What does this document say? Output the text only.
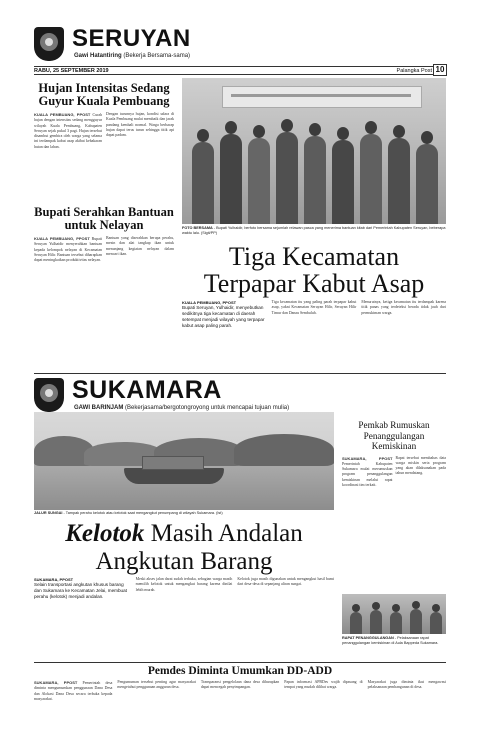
SERUYAN
Gawi Hatantiring (Bekerja Bersama-sama)
RABU, 25 SEPTEMBER 2019	Palangka Post 10
Hujan Intensitas Sedang Guyur Kuala Pembuang

KUALA PEMBUANG, PPOST Curah hujan dengan intensitas sedang mengguyur wilayah Kuala Pembuang, Kabupaten Seruyan sejak pukul 3 pagi. Hujan tersebut disambut gembira oleh warga yang selama ini terdampak kabut asap akibat kebakaran hutan dan lahan.

Dengan turunnya hujan, kondisi udara di Kuala Pembuang mulai membaik dan jarak pandang kembali normal. Warga berharap hujan dapat terus turun sehingga titik api dapat padam.
Bupati Serahkan Bantuan untuk Nelayan

KUALA PEMBUANG, PPOST Bupati Seruyan Yulhaidir menyerahkan bantuan kepada kelompok nelayan di Kecamatan Seruyan Hilir. Bantuan tersebut diharapkan dapat meningkatkan produktivitas nelayan.

Bantuan yang diserahkan berupa perahu, mesin dan alat tangkap ikan untuk menunjang kegiatan nelayan dalam mencari ikan.
FOTO BERSAMA - Bupati Yulhaidir, berfoto bersama sejumlah relawan pasca yang menerima bantuan kitab dari Pemerintah Kabupaten Seruyan, beberapa waktu lalu. (Sigit/PP)
Tiga Kecamatan Terpapar Kabut Asap
KUALA PEMBUANG, PPOST
Bupati Seruyan, Yulhaidir, menyebutkan sedikitnya tiga kecamatan di daerah setempat menjadi wilayah yang terpapar kabut asap paling parah.
Tiga kecamatan itu yang paling parah terpapar kabut asap, yakni Kecamatan Seruyan Hilir, Seruyan Hilir Timur dan Danau Sembuluh.
Menurutnya, ketiga kecamatan itu terdampak karena titik panas yang terdeteksi berada tidak jauh dari permukiman warga.
SUKAMARA
GAWI BARINJAM (Bekerjasama/bergotongroyong untuk mencapai tujuan mulia)
JALUR SUNGAI - Tampak perahu kelotok atau kelotok saat mengangkut penumpang di wilayah Sukamara. (Ist)
Pemkab Rumuskan Penanggulangan Kemiskinan

SUKAMARA, PPOST Pemerintah Kabupaten Sukamara mulai merumuskan program penanggulangan kemiskinan melalui rapat koordinasi tim terkait.

Rapat tersebut membahas data warga miskin serta program yang akan dilaksanakan pada tahun mendatang.
RAPAT PENANGGULANGAN - Pelaksanaan rapat penanggulangan kemiskinan di Aula Bappeda Sukamara.
Kelotok Masih Andalan Angkutan Barang
SUKAMARA, PPOST
Selain transportasi angkutan khusus barang dan Sukamara ke Kecamatan Jelai, membuat perahu (kelotok) menjadi andalan.
Meski akses jalan darat sudah terbuka, sebagian warga masih memilih kelotok untuk mengangkut barang karena dinilai lebih murah.
Kelotok juga masih digunakan untuk mengangkut hasil bumi dari desa-desa di sepanjang aliran sungai.
Pemdes Diminta Umumkan DD-ADD

SUKAMARA, PPOST Pemerintah desa diminta mengumumkan penggunaan Dana Desa dan Alokasi Dana Desa secara terbuka kepada masyarakat.

Pengumuman tersebut penting agar masyarakat mengetahui penggunaan anggaran desa.
Transparansi pengelolaan dana desa diharapkan dapat mencegah penyimpangan.
Papan informasi APBDes wajib dipasang di tempat yang mudah dilihat warga.
Masyarakat juga diminta ikut mengawasi pelaksanaan pembangunan di desa.
